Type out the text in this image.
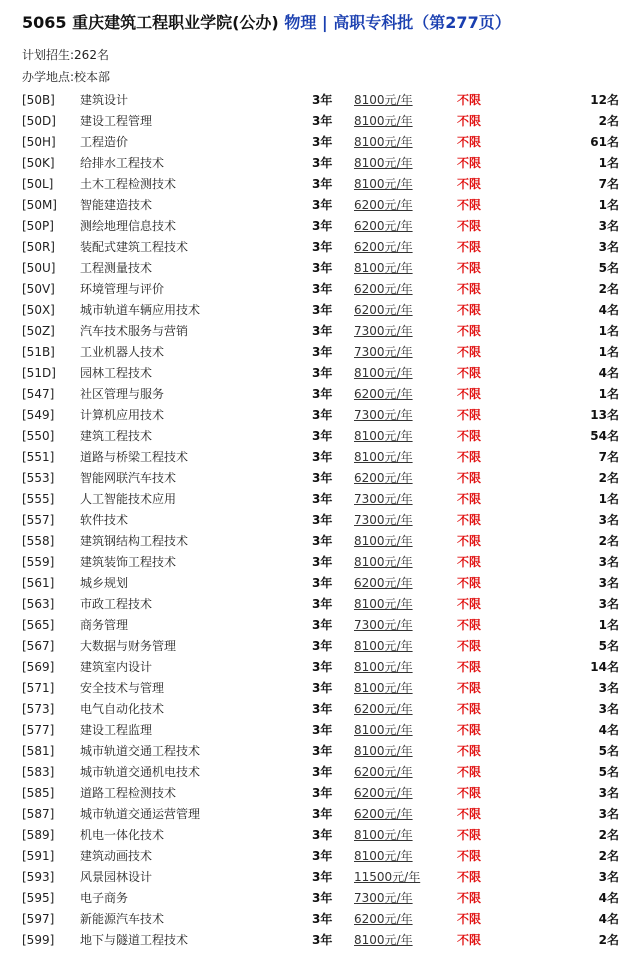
5065 重庆建筑工程职业学院(公办) 物理 | 高职专科批（第277页）
计划招生:262名
办学地点:校本部
[50B]	建筑设计	3年	8100元/年	不限	12名
[50D]	建设工程管理	3年	8100元/年	不限	2名
[50H]	工程造价	3年	8100元/年	不限	61名
[50K]	给排水工程技术	3年	8100元/年	不限	1名
[50L]	土木工程检测技术	3年	8100元/年	不限	7名
[50M]	智能建造技术	3年	6200元/年	不限	1名
[50P]	测绘地理信息技术	3年	6200元/年	不限	3名
[50R]	装配式建筑工程技术	3年	6200元/年	不限	3名
[50U]	工程测量技术	3年	8100元/年	不限	5名
[50V]	环境管理与评价	3年	6200元/年	不限	2名
[50X]	城市轨道车辆应用技术	3年	6200元/年	不限	4名
[50Z]	汽车技术服务与营销	3年	7300元/年	不限	1名
[51B]	工业机器人技术	3年	7300元/年	不限	1名
[51D]	园林工程技术	3年	8100元/年	不限	4名
[547]	社区管理与服务	3年	6200元/年	不限	1名
[549]	计算机应用技术	3年	7300元/年	不限	13名
[550]	建筑工程技术	3年	8100元/年	不限	54名
[551]	道路与桥梁工程技术	3年	8100元/年	不限	7名
[553]	智能网联汽车技术	3年	6200元/年	不限	2名
[555]	人工智能技术应用	3年	7300元/年	不限	1名
[557]	软件技术	3年	7300元/年	不限	3名
[558]	建筑钢结构工程技术	3年	8100元/年	不限	2名
[559]	建筑装饰工程技术	3年	8100元/年	不限	3名
[561]	城乡规划	3年	6200元/年	不限	3名
[563]	市政工程技术	3年	8100元/年	不限	3名
[565]	商务管理	3年	7300元/年	不限	1名
[567]	大数据与财务管理	3年	8100元/年	不限	5名
[569]	建筑室内设计	3年	8100元/年	不限	14名
[571]	安全技术与管理	3年	8100元/年	不限	3名
[573]	电气自动化技术	3年	6200元/年	不限	3名
[577]	建设工程监理	3年	8100元/年	不限	4名
[581]	城市轨道交通工程技术	3年	8100元/年	不限	5名
[583]	城市轨道交通机电技术	3年	6200元/年	不限	5名
[585]	道路工程检测技术	3年	6200元/年	不限	3名
[587]	城市轨道交通运营管理	3年	6200元/年	不限	3名
[589]	机电一体化技术	3年	8100元/年	不限	2名
[591]	建筑动画技术	3年	8100元/年	不限	2名
[593]	风景园林设计	3年	11500元/年	不限	3名
[595]	电子商务	3年	7300元/年	不限	4名
[597]	新能源汽车技术	3年	6200元/年	不限	4名
[599]	地下与隧道工程技术	3年	8100元/年	不限	2名
